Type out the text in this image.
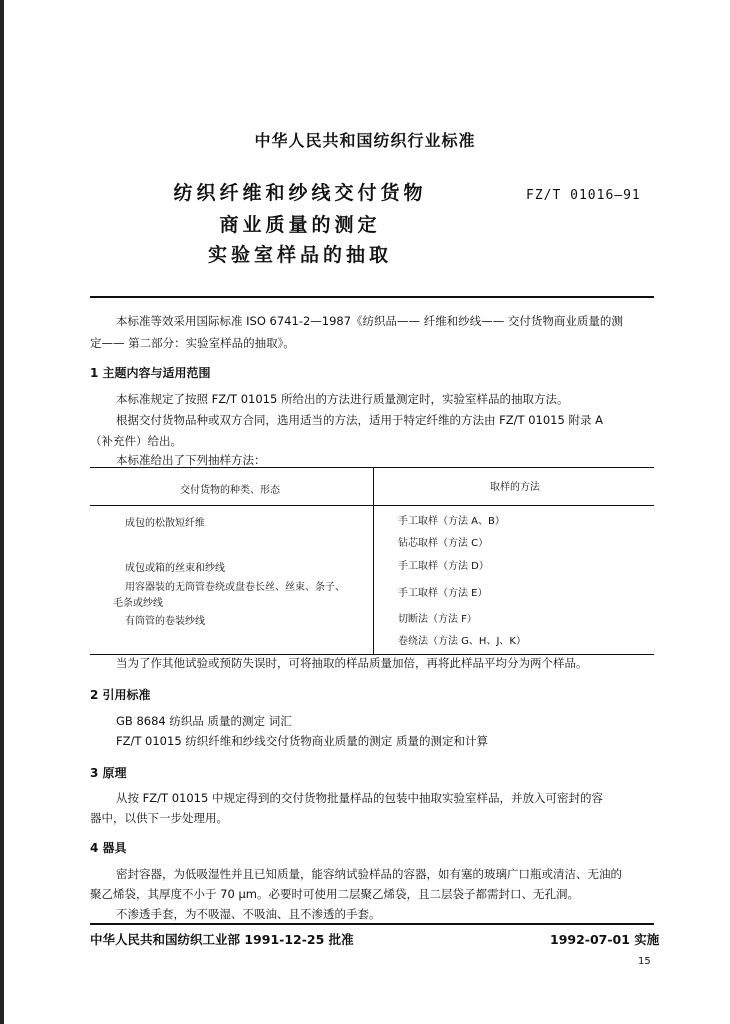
中华人民共和国纺织行业标准
纺织纤维和纱线交付货物
商业质量的测定
实验室样品的抽取
FZ/T 01016—91
本标准等效采用国际标准 ISO 6741-2—1987《纺织品—— 纤维和纱线—— 交付货物商业质量的测
定—— 第二部分：实验室样品的抽取》。
1 主题内容与适用范围
本标准规定了按照 FZ/T 01015 所给出的方法进行质量测定时，实验室样品的抽取方法。
根据交付货物品种或双方合同，选用适当的方法，适用于特定纤维的方法由 FZ/T 01015 附录 A
（补充件）给出。
本标准给出了下列抽样方法：
交付货物的种类、形态	取样的方法
成包的松散短纤维
成包或箱的丝束和纱线
用容器装的无筒管卷绕或盘卷长丝、丝束、条子、
毛条或纱线
有筒管的卷装纱线
手工取样（方法 A、B）
钻芯取样（方法 C）
手工取样（方法 D）
手工取样（方法 E）
切断法（方法 F）
卷绕法（方法 G、H、J、K）
当为了作其他试验或预防失误时，可将抽取的样品质量加倍，再将此样品平均分为两个样品。
2 引用标准
GB 8684 纺织品 质量的测定 词汇
FZ/T 01015 纺织纤维和纱线交付货物商业质量的测定 质量的测定和计算
3 原理
从按 FZ/T 01015 中规定得到的交付货物批量样品的包装中抽取实验室样品，并放入可密封的容
器中，以供下一步处理用。
4 器具
密封容器，为低吸湿性并且已知质量，能容纳试验样品的容器，如有塞的玻璃广口瓶或清洁、无油的
聚乙烯袋，其厚度不小于 70 μm。必要时可使用二层聚乙烯袋，且二层袋子都需封口、无孔洞。
不渗透手套，为不吸湿、不吸油、且不渗透的手套。
中华人民共和国纺织工业部 1991-12-25 批准	1992-07-01 实施
15
